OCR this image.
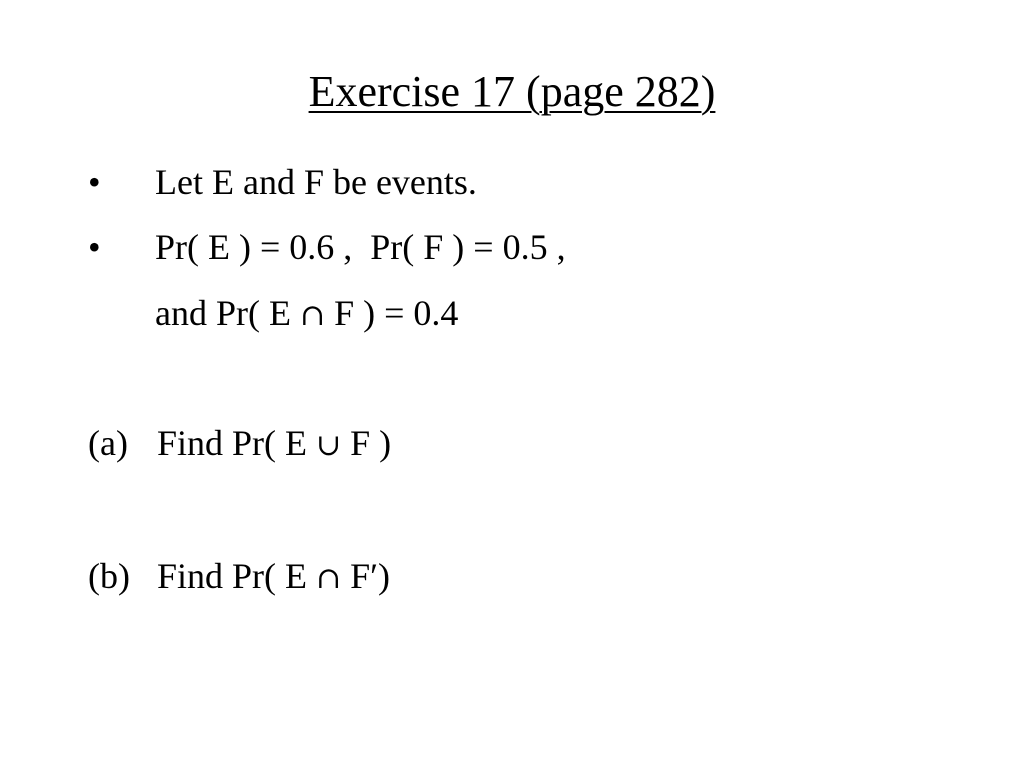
Exercise 17 (page 282)
• Let E and F be events.
• Pr( E ) = 0.6 ,  Pr( F ) = 0.5 ,
and Pr( E ∩ F ) = 0.4
(a) Find Pr( E ∪ F )
(b) Find Pr( E ∩ F′)
